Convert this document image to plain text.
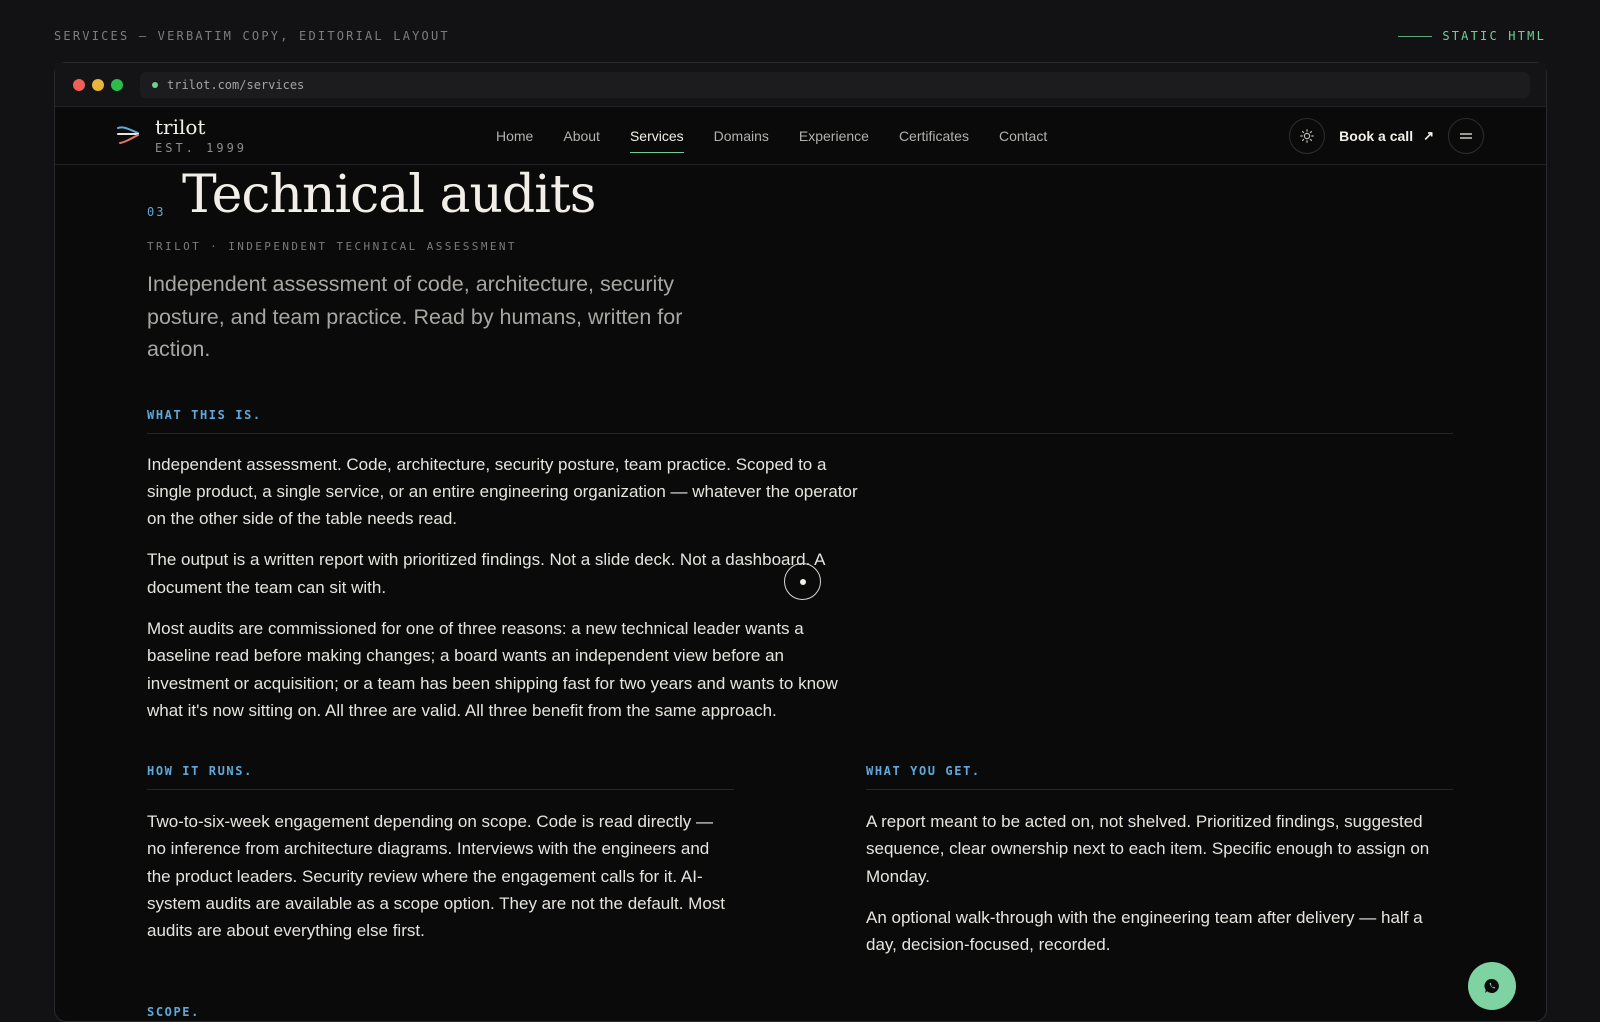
SERVICES — VERBATIM COPY, EDITORIAL LAYOUT	STATIC HTML
trilot.com/services
trilot
EST. 1999
Home About Services Domains Experience Certificates Contact	Book a call ↗
03 Technical audits
TRILOT · INDEPENDENT TECHNICAL ASSESSMENT

Independent assessment of code, architecture, security posture, and team practice. Read by humans, written for action.

WHAT THIS IS.

Independent assessment. Code, architecture, security posture, team practice. Scoped to a single product, a single service, or an entire engineering organization — whatever the operator on the other side of the table needs read.

The output is a written report with prioritized findings. Not a slide deck. Not a dashboard. A document the team can sit with.

Most audits are commissioned for one of three reasons: a new technical leader wants a baseline read before making changes; a board wants an independent view before an investment or acquisition; or a team has been shipping fast for two years and wants to know what it's now sitting on. All three are valid. All three benefit from the same approach.

HOW IT RUNS.

Two-to-six-week engagement depending on scope. Code is read directly — no inference from architecture diagrams. Interviews with the engineers and the product leaders. Security review where the engagement calls for it. AI-system audits are available as a scope option. They are not the default. Most audits are about everything else first.

WHAT YOU GET.

A report meant to be acted on, not shelved. Prioritized findings, suggested sequence, clear ownership next to each item. Specific enough to assign on Monday.

An optional walk-through with the engineering team after delivery — half a day, decision-focused, recorded.

SCOPE.
